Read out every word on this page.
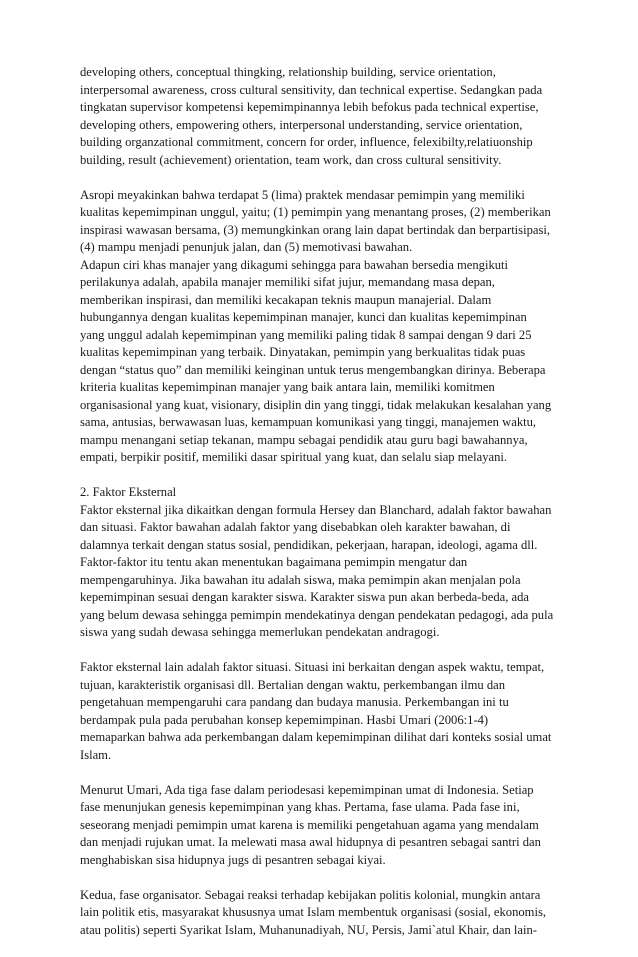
developing others, conceptual thingking, relationship building, service orientation,
interpersomal awareness, cross cultural sensitivity, dan technical expertise. Sedangkan pada
tingkatan supervisor kompetensi kepemimpinannya lebih befokus pada technical expertise,
developing others, empowering others, interpersonal understanding, service orientation,
building organzational commitment, concern for order, influence, felexibilty,relatiuonship
building, result (achievement) orientation, team work, dan cross cultural sensitivity.
Asropi meyakinkan bahwa terdapat 5 (lima) praktek mendasar pemimpin yang memiliki
kualitas kepemimpinan unggul, yaitu; (1) pemimpin yang menantang proses, (2) memberikan
inspirasi wawasan bersama, (3) memungkinkan orang lain dapat bertindak dan berpartisipasi,
(4) mampu menjadi penunjuk jalan, dan (5) memotivasi bawahan.
Adapun ciri khas manajer yang dikagumi sehingga para bawahan bersedia mengikuti
perilakunya adalah, apabila manajer memiliki sifat jujur, memandang masa depan,
memberikan inspirasi, dan memiliki kecakapan teknis maupun manajerial. Dalam
hubungannya dengan kualitas kepemimpinan manajer, kunci dan kualitas kepemimpinan
yang unggul adalah kepemimpinan yang memiliki paling tidak 8 sampai dengan 9 dari 25
kualitas kepemimpinan yang terbaik. Dinyatakan, pemimpin yang berkualitas tidak puas
dengan “status quo” dan memiliki keinginan untuk terus mengembangkan dirinya. Beberapa
kriteria kualitas kepemimpinan manajer yang baik antara lain, memiliki komitmen
organisasional yang kuat, visionary, disiplin din yang tinggi, tidak melakukan kesalahan yang
sama, antusias, berwawasan luas, kemampuan komunikasi yang tinggi, manajemen waktu,
mampu menangani setiap tekanan, mampu sebagai pendidik atau guru bagi bawahannya,
empati, berpikir positif, memiliki dasar spiritual yang kuat, dan selalu siap melayani.
2. Faktor Eksternal
Faktor eksternal jika dikaitkan dengan formula Hersey dan Blanchard, adalah faktor bawahan
dan situasi. Faktor bawahan adalah faktor yang disebabkan oleh karakter bawahan, di
dalamnya terkait dengan status sosial, pendidikan, pekerjaan, harapan, ideologi, agama dll.
Faktor-faktor itu tentu akan menentukan bagaimana pemimpin mengatur dan
mempengaruhinya. Jika bawahan itu adalah siswa, maka pemimpin akan menjalan pola
kepemimpinan sesuai dengan karakter siswa. Karakter siswa pun akan berbeda-beda, ada
yang belum dewasa sehingga pemimpin mendekatinya dengan pendekatan pedagogi, ada pula
siswa yang sudah dewasa sehingga memerlukan pendekatan andragogi.
Faktor eksternal lain adalah faktor situasi. Situasi ini berkaitan dengan aspek waktu, tempat,
tujuan, karakteristik organisasi dll. Bertalian dengan waktu, perkembangan ilmu dan
pengetahuan mempengaruhi cara pandang dan budaya manusia. Perkembangan ini tu
berdampak pula pada perubahan konsep kepemimpinan. Hasbi Umari (2006:1-4)
memaparkan bahwa ada perkembangan dalam kepemimpinan dilihat dari konteks sosial umat
Islam.
Menurut Umari, Ada tiga fase dalam periodesasi kepemimpinan umat di Indonesia. Setiap
fase menunjukan genesis kepemimpinan yang khas. Pertama, fase ulama. Pada fase ini,
seseorang menjadi pemimpin umat karena is memiliki pengetahuan agama yang mendalam
dan menjadi rujukan umat. Ia melewati masa awal hidupnya di pesantren sebagai santri dan
menghabiskan sisa hidupnya jugs di pesantren sebagai kiyai.
Kedua, fase organisator. Sebagai reaksi terhadap kebijakan politis kolonial, mungkin antara
lain politik etis, masyarakat khususnya umat Islam membentuk organisasi (sosial, ekonomis,
atau politis) seperti Syarikat Islam, Muhanunadiyah, NU, Persis, Jami`atul Khair, dan lain-
